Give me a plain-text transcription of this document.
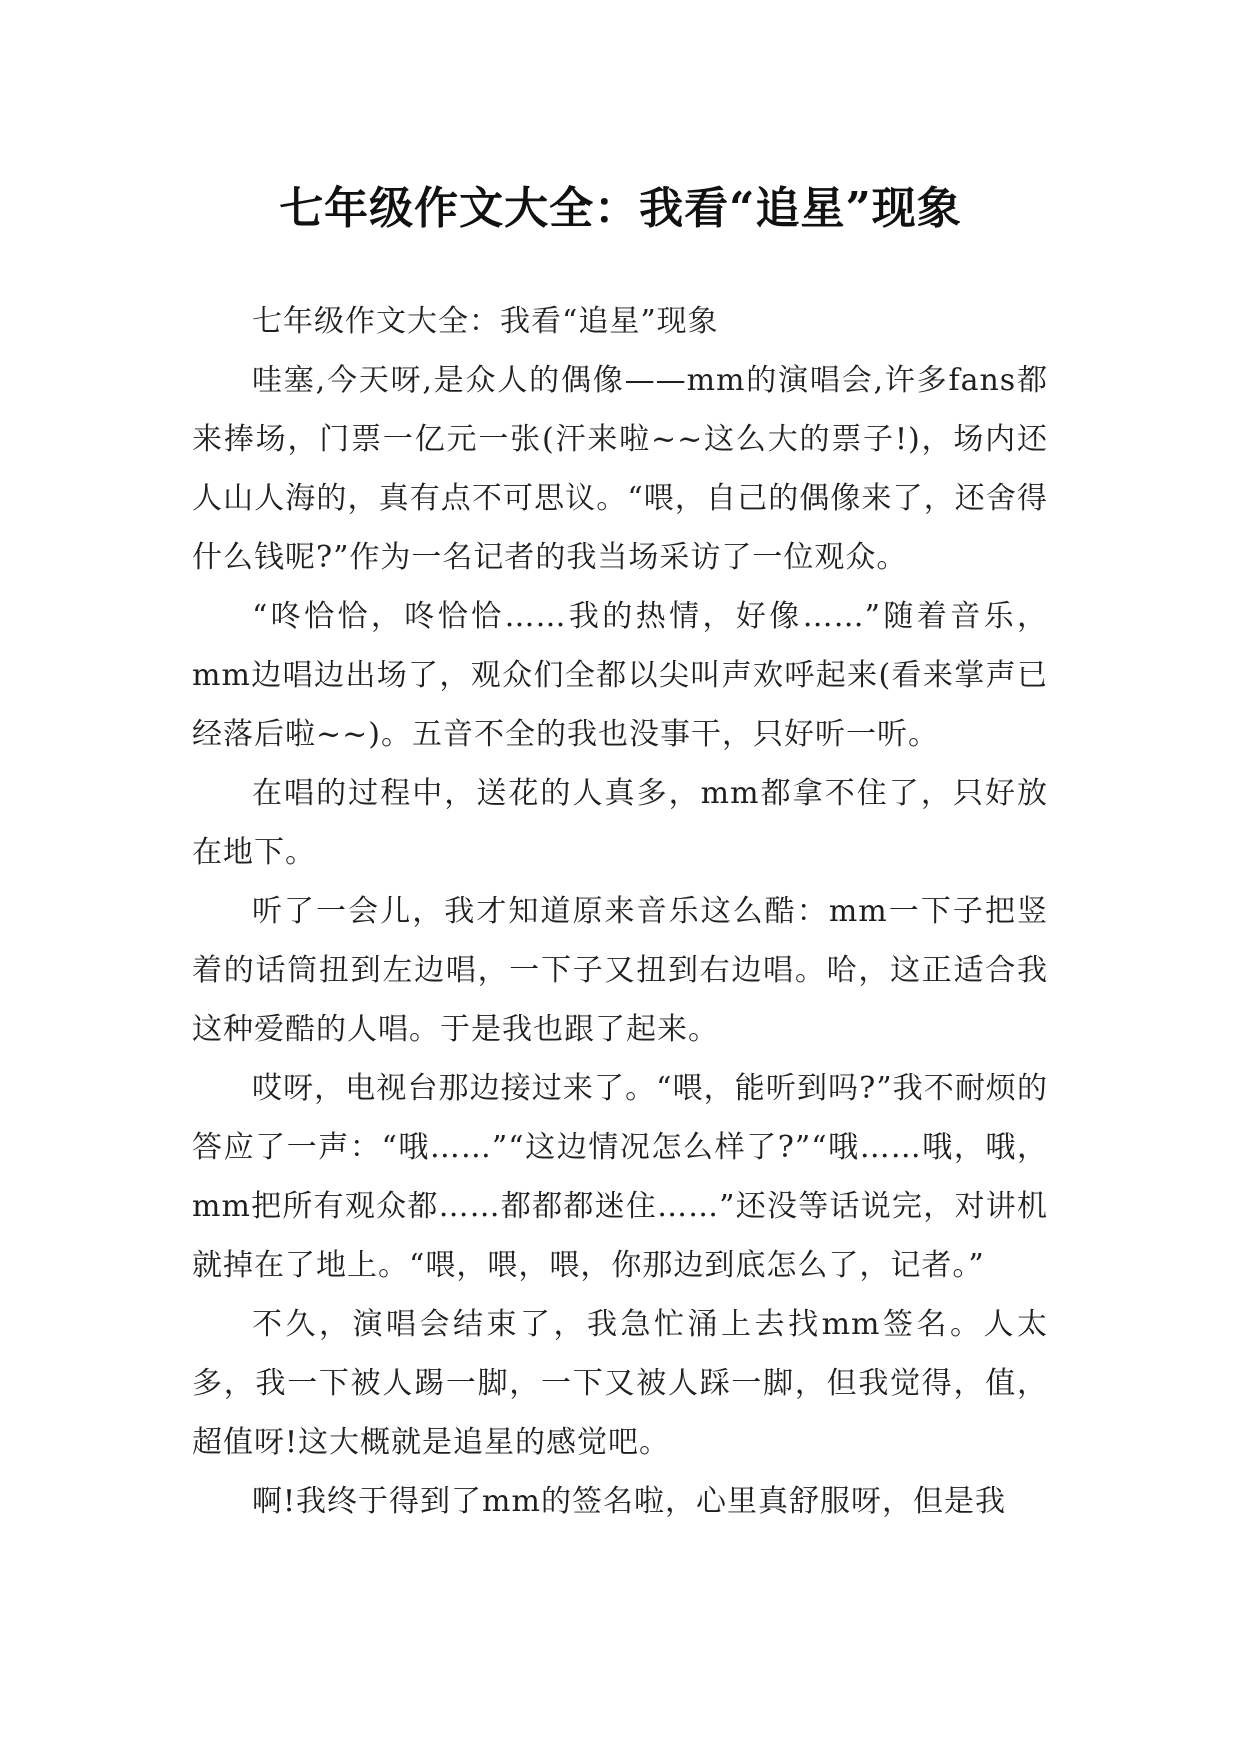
七年级作文大全：我看“追星”现象

七年级作文大全：我看“追星”现象

哇塞,今天呀,是众人的偶像——mm的演唱会,许多fans都来捧场，门票一亿元一张(汗来啦~~这么大的票子!)，场内还人山人海的，真有点不可思议。“喂，自己的偶像来了，还舍得什么钱呢?”作为一名记者的我当场采访了一位观众。

“咚恰恰，咚恰恰……我的热情，好像……”随着音乐，mm边唱边出场了，观众们全都以尖叫声欢呼起来(看来掌声已经落后啦~~)。五音不全的我也没事干，只好听一听。

在唱的过程中，送花的人真多，mm都拿不住了，只好放在地下。

听了一会儿，我才知道原来音乐这么酷：mm一下子把竖着的话筒扭到左边唱，一下子又扭到右边唱。哈，这正适合我这种爱酷的人唱。于是我也跟了起来。

哎呀，电视台那边接过来了。“喂，能听到吗?”我不耐烦的答应了一声：“哦……”“这边情况怎么样了?”“哦……哦，哦，mm把所有观众都……都都都迷住……”还没等话说完，对讲机就掉在了地上。“喂，喂，喂，你那边到底怎么了，记者。”

不久，演唱会结束了，我急忙涌上去找mm签名。人太多，我一下被人踢一脚，一下又被人踩一脚，但我觉得，值，超值呀!这大概就是追星的感觉吧。

啊!我终于得到了mm的签名啦，心里真舒服呀，但是我
